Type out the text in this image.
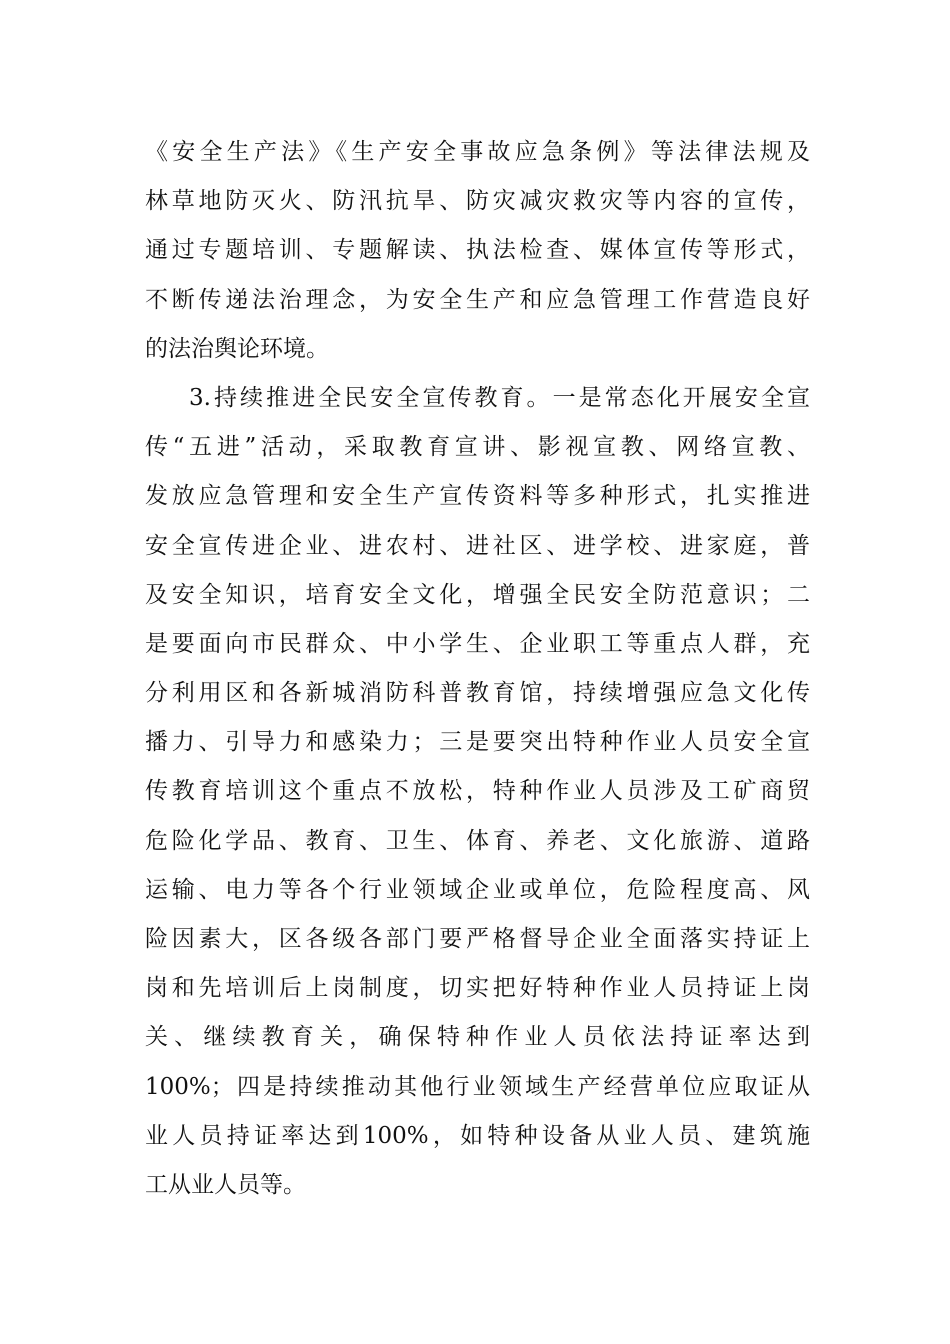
《安全生产法》《生产安全事故应急条例》等法律法规及
林草地防灭火、防汛抗旱、防灾减灾救灾等内容的宣传，
通过专题培训、专题解读、执法检查、媒体宣传等形式，
不断传递法治理念，为安全生产和应急管理工作营造良好
的法治舆论环境。
3.持续推进全民安全宣传教育。一是常态化开展安全宣
传“五进”活动，采取教育宣讲、影视宣教、网络宣教、
发放应急管理和安全生产宣传资料等多种形式，扎实推进
安全宣传进企业、进农村、进社区、进学校、进家庭，普
及安全知识，培育安全文化，增强全民安全防范意识；二
是要面向市民群众、中小学生、企业职工等重点人群，充
分利用区和各新城消防科普教育馆，持续增强应急文化传
播力、引导力和感染力；三是要突出特种作业人员安全宣
传教育培训这个重点不放松，特种作业人员涉及工矿商贸
危险化学品、教育、卫生、体育、养老、文化旅游、道路
运输、电力等各个行业领域企业或单位，危险程度高、风
险因素大，区各级各部门要严格督导企业全面落实持证上
岗和先培训后上岗制度，切实把好特种作业人员持证上岗
关、继续教育关，确保特种作业人员依法持证率达到
100%；四是持续推动其他行业领域生产经营单位应取证从
业人员持证率达到100%，如特种设备从业人员、建筑施
工从业人员等。
